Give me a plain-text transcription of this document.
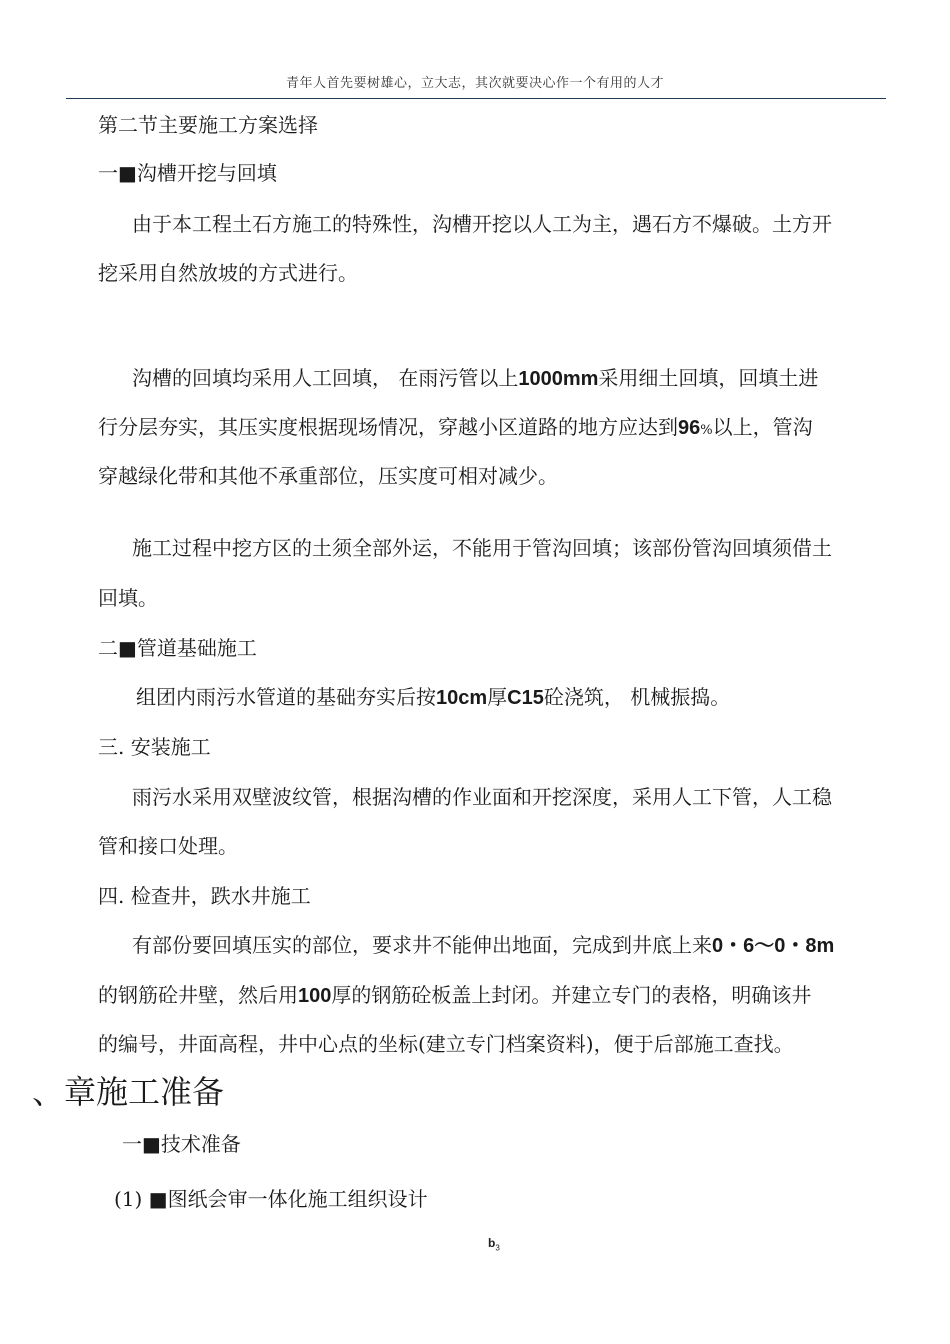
青年人首先要树雄心，立大志，其次就要决心作一个有用的人才
第二节主要施工方案选择
一■沟槽开挖与回填
由于本工程土石方施工的特殊性，沟槽开挖以人工为主，遇石方不爆破。土方开
挖采用自然放坡的方式进行。
沟槽的回填均采用人工回填， 在雨污管以上1000mm采用细土回填，回填土进
行分层夯实，其压实度根据现场情况，穿越小区道路的地方应达到96%以上，管沟
穿越绿化带和其他不承重部位，压实度可相对减少。
施工过程中挖方区的土须全部外运，不能用于管沟回填；该部份管沟回填须借土
回填。
二■管道基础施工
组团内雨污水管道的基础夯实后按10cm厚C15砼浇筑， 机械振捣。
三. 安装施工
雨污水采用双壁波纹管，根据沟槽的作业面和开挖深度，采用人工下管，人工稳
管和接口处理。
四. 检查井，跌水井施工
有部份要回填压实的部位，要求井不能伸出地面，完成到井底上来0・6〜0・8m
的钢筋砼井壁，然后用100厚的钢筋砼板盖上封闭。并建立专门的表格，明确该井
的编号，井面高程，井中心点的坐标(建立专门档案资料)，便于后部施工查找。
、章施工准备
一■技术准备
(1) ■图纸会审一体化施工组织设计
$b_3$
